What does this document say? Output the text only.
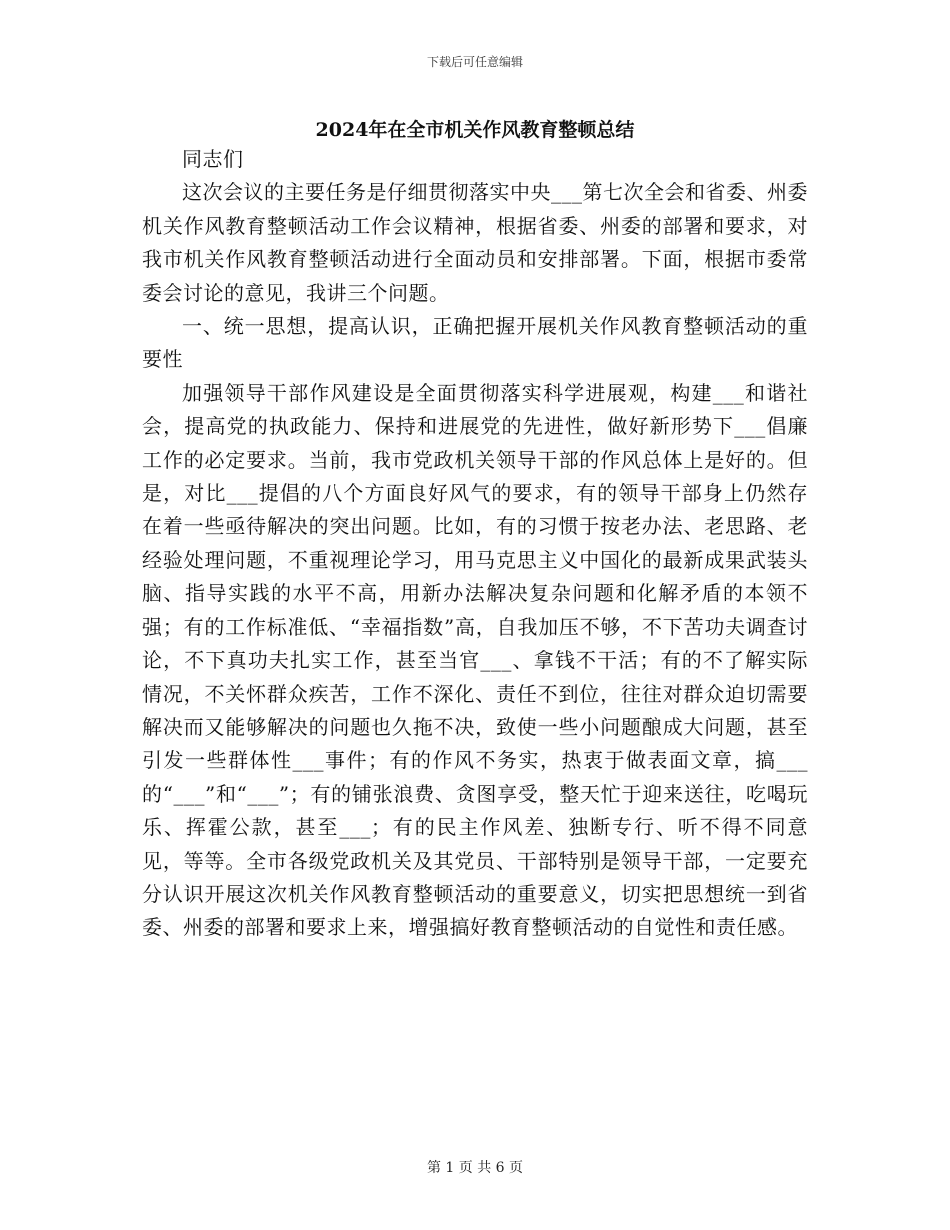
下载后可任意编辑
2024年在全市机关作风教育整顿总结

同志们

这次会议的主要任务是仔细贯彻落实中央___第七次全会和省委、州委机关作风教育整顿活动工作会议精神，根据省委、州委的部署和要求，对我市机关作风教育整顿活动进行全面动员和安排部署。下面，根据市委常委会讨论的意见，我讲三个问题。

一、统一思想，提高认识，正确把握开展机关作风教育整顿活动的重要性

加强领导干部作风建设是全面贯彻落实科学进展观，构建___和谐社会，提高党的执政能力、保持和进展党的先进性，做好新形势下___倡廉工作的必定要求。当前，我市党政机关领导干部的作风总体上是好的。但是，对比___提倡的八个方面良好风气的要求，有的领导干部身上仍然存在着一些亟待解决的突出问题。比如，有的习惯于按老办法、老思路、老经验处理问题，不重视理论学习，用马克思主义中国化的最新成果武装头脑、指导实践的水平不高，用新办法解决复杂问题和化解矛盾的本领不强；有的工作标准低、“幸福指数”高，自我加压不够，不下苦功夫调查讨论，不下真功夫扎实工作，甚至当官___、拿钱不干活；有的不了解实际情况，不关怀群众疾苦，工作不深化、责任不到位，往往对群众迫切需要解决而又能够解决的问题也久拖不决，致使一些小问题酿成大问题，甚至引发一些群体性___事件；有的作风不务实，热衷于做表面文章，搞___的“___”和“___”；有的铺张浪费、贪图享受，整天忙于迎来送往，吃喝玩乐、挥霍公款，甚至___；有的民主作风差、独断专行、听不得不同意见，等等。全市各级党政机关及其党员、干部特别是领导干部，一定要充分认识开展这次机关作风教育整顿活动的重要意义，切实把思想统一到省委、州委的部署和要求上来，增强搞好教育整顿活动的自觉性和责任感。

第 1 页 共 6 页
